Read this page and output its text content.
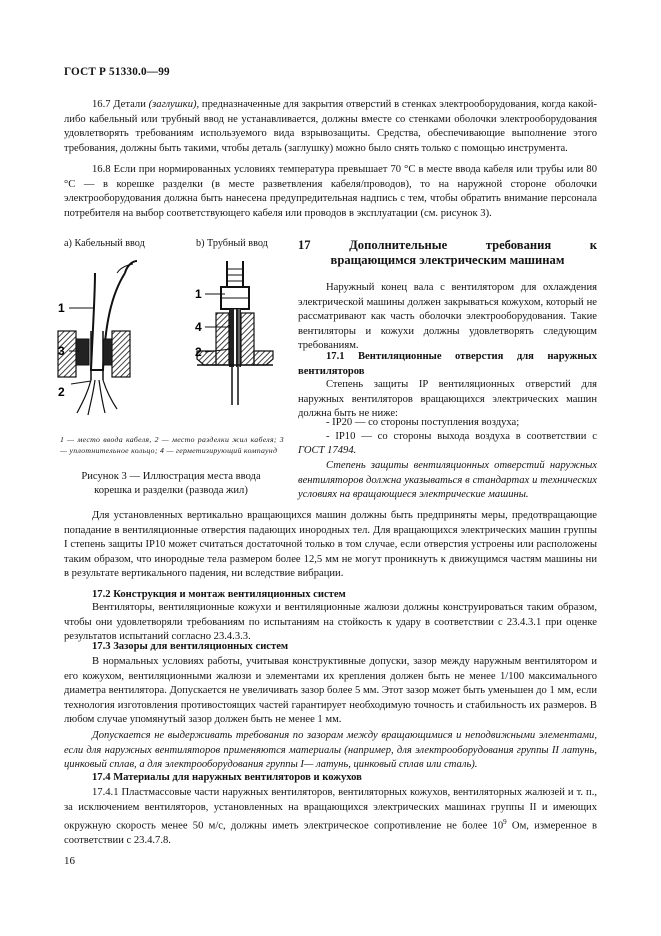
ГОСТ Р 51330.0—99

16.7 Детали (заглушки), предназначенные для закрытия отверстий в стенках электрооборудования, когда какой-либо кабельный или трубный ввод не устанавливается, должны вместе со стенками оболочки электрооборудования удовлетворять требованиям используемого вида взрывозащиты. Средства, обеспечивающие выполнение этого требования, должны быть такими, чтобы деталь (заглушку) можно было снять только с помощью инструмента.

16.8 Если при нормированных условиях температура превышает 70 °С в месте ввода кабеля или трубы или 80 °С — в корешке разделки (в месте разветвления кабеля/проводов), то на наружной стороне оболочки электрооборудования должна быть нанесена предупредительная надпись с тем, чтобы обратить внимание персонала потребителя на выбор соответствующего кабеля или проводов в эксплуатации (см. рисунок 3).

а) Кабельный ввод	b) Трубный ввод
1
3
2
1
4
2
1 — место ввода кабеля, 2 — место разделки жил кабеля; 3 — уплотнительное кольцо; 4 — герметизирующий компаунд
Рисунок 3 — Иллюстрация места ввода корешка и разделки (развода жил)
17	Дополнительные	требования	к
вращающимся электрическим машинам

Наружный конец вала с вентилятором для охлаждения электрической машины должен закрываться кожухом, который не рассматривают как часть оболочки электрооборудования. Такие вентиляторы и кожухи должны удовлетворять следующим требованиям.

17.1 Вентиляционные отверстия для наружных вентиляторов

Степень защиты IP вентиляционных отверстий для наружных вентиляторов вращающихся электрических машин должна быть не ниже:

- IP20 — со стороны поступления воздуха;

- IP10 — со стороны выхода воздуха в соответствии с

ГОСТ 17494.

Степень защиты вентиляционных отверстий наружных вентиляторов должна указываться в стандартах и технических условиях на вращающиеся электрические машины.

Для установленных вертикально вращающихся машин должны быть предприняты меры, предотвращающие попадание в вентиляционные отверстия падающих инородных тел. Для вращающихся электрических машин группы I степень защиты IP10 может считаться достаточной только в том случае, если отверстия устроены или расположены таким образом, что инородные тела размером более 12,5 мм не могут проникнуть к движущимся частям машины ни в результате вертикального падения, ни вследствие вибрации.

17.2 Конструкция и монтаж вентиляционных систем

Вентиляторы, вентиляционные кожухи и вентиляционные жалюзи должны конструироваться таким образом, чтобы они удовлетворяли требованиям по испытаниям на стойкость к удару в соответствии с 23.4.3.1 при оценке результатов испытаний согласно 23.4.3.3.

17.3 Зазоры для вентиляционных систем

В нормальных условиях работы, учитывая конструктивные допуски, зазор между наружным вентилятором и его кожухом, вентиляционными жалюзи и элементами их крепления должен быть не менее 1/100 максимального диаметра вентилятора. Допускается не увеличивать зазор более 5 мм. Этот зазор может быть уменьшен до 1 мм, если технология изготовления противостоящих частей гарантирует необходимую точность и стабильность их размеров. В любом случае упомянутый зазор должен быть не менее 1 мм.

Допускается не выдерживать требования по зазорам между вращающимися и неподвижными элементами, если для наружных вентиляторов применяются материалы (например, для электрооборудования группы II латунь, цинковый сплав, а для электрооборудования группы I— латунь, цинковый сплав или сталь).

17.4 Материалы для наружных вентиляторов и кожухов

17.4.1 Пластмассовые части наружных вентиляторов, вентиляторных кожухов, вентиляторных жалюзей и т. п., за исключением вентиляторов, установленных на вращающихся электрических машинах группы II и имеющих окружную скорость менее 50 м/с, должны иметь электрическое сопротивление не более $10^9$ Ом, измеренное в соответствии с 23.4.7.8.

16
